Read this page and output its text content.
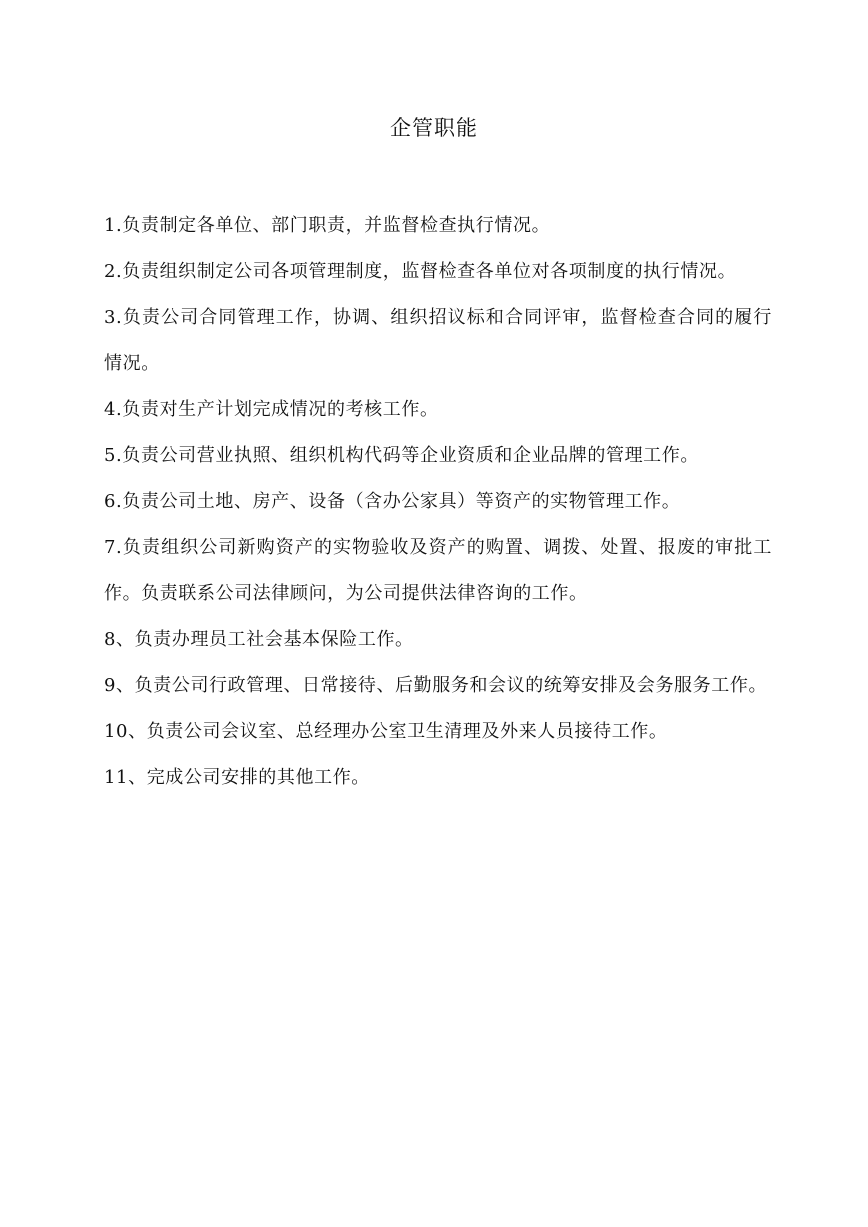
企管职能

1.负责制定各单位、部门职责，并监督检查执行情况。

2.负责组织制定公司各项管理制度，监督检查各单位对各项制度的执行情况。

3.负责公司合同管理工作，协调、组织招议标和合同评审，监督检查合同的履行情况。

4.负责对生产计划完成情况的考核工作。

5.负责公司营业执照、组织机构代码等企业资质和企业品牌的管理工作。

6.负责公司土地、房产、设备（含办公家具）等资产的实物管理工作。

7.负责组织公司新购资产的实物验收及资产的购置、调拨、处置、报废的审批工作。负责联系公司法律顾问，为公司提供法律咨询的工作。

8、负责办理员工社会基本保险工作。

9、负责公司行政管理、日常接待、后勤服务和会议的统筹安排及会务服务工作。

10、负责公司会议室、总经理办公室卫生清理及外来人员接待工作。

11、完成公司安排的其他工作。
